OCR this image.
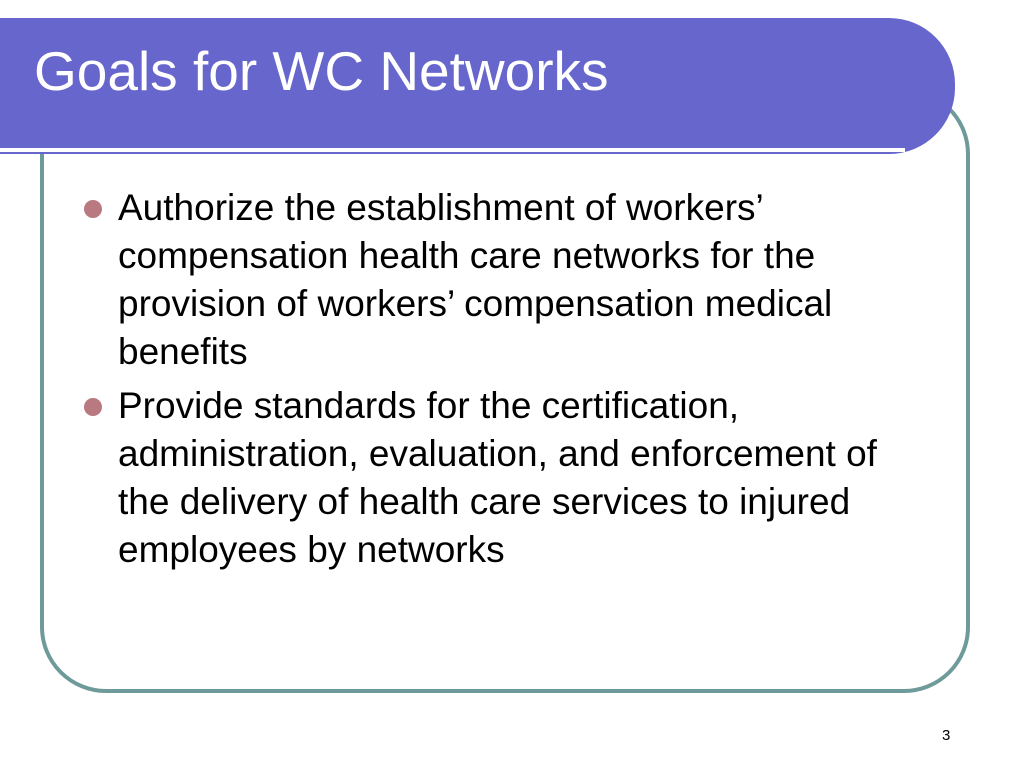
Goals for WC Networks
Authorize the establishment of workers’ compensation health care networks for the provision of workers’ compensation medical benefits
Provide standards for the certification, administration, evaluation, and enforcement of the delivery of health care services to injured employees by networks
3
